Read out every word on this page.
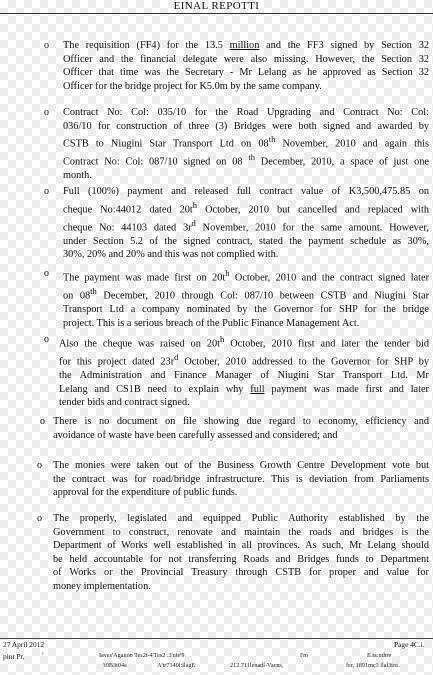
EINAL REPOTTI
o The requisition (FF4) for the 13.5 million and the FF3 signed by Section 32
Officer and the financial delegate were also missing. However, the Section 32
Officer that time was the Secretary - Mr Lelang as he approved as Section 32
Officer for the bridge project for K5.0m by the same company.
o Contract No: Col: 035/10 for the Road Upgrading and Contract No: Col:
036/10 for construction of three (3) Bridges were both signed and awarded by
CSTB to Niugini Star Transport Ltd on 08th November, 2010 and again this
Contract No: Col: 087/10 signed on 08 $^{th}$ December, 2010, a space of just one
month.
o Full (100%) payment and released full contract value of K3,500,475.85 on
cheque No:44012 dated $20t^h$ October, 2010 but cancelled and replaced with
cheque No: 44103 dated $3r^d$ November, 2010 for the same amount. However,
under Section 5.2 of the signed contract, stated the payment schedule as 30%,
30%, 20% and 20% and this was not complied with.
o The payment was made first on $20t^h$ October, 2010 and the contract signed later
on 08th December, 2010 through Col: 087/10 between CSTB and Niugini Star
Transport Ltd a company nominated by the Governor for SHP for the bridge
project. This is a serious breach of the Public Finance Management Act.
o Also the cheque was raised on $20t^h$ October, 2010 first and later the tender bid
for this project dated $23r^d$ October, 2010 addressed to the Governor for SHP by
the Administration and Finance Manager of Niugini Star Transport Ltd. Mr
Lelang and CS1B need to explain why full payment was made first and later
tender bids and contract signed.
o There is no document on file showing due regard to economy, efficiency and
avoidance of waste have been carefully assessed and considered; and
o The monies were taken out of the Business Growth Centre Development vote but
the contract was for road/bridge infrastructure. This is deviation from Parliaments
approval for the expenditure of public funds.
o The properly, legislated and equipped Public Authority established by the
Government to construct, renovate and maintain the roads and bridges is the
Department of Works well established in all provinces. As such, Mr Lelang should
be held accountable for not transferring Roads and Bridges funds to Department
of Works or the Provincial Treasury through CSTB for proper and value for
money implementation.
27 April 2012	Page 4C.i.
pint Pr,	¹	Iaves'Aganon Tes2t-4'Tes2 .3'nie'9	I'm	E.ta:nthre
't0B3t04a	A'tr7140l:llagE	212.711lenadl-Vacns,	fer, 1891mc3 ilal3tns.
